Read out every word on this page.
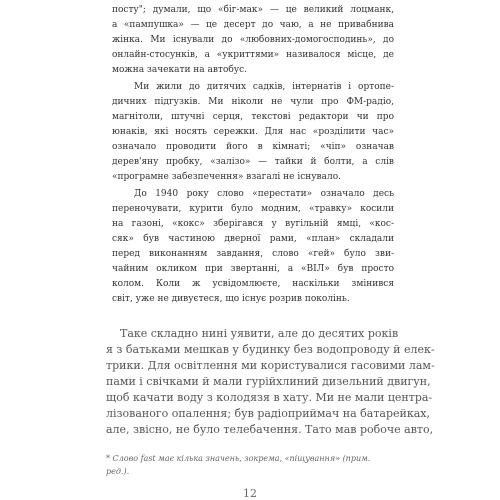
посту"; думали, що «біг-мак» — це великий лоцманк,
а «пампушка» — це десерт до чаю, а не привабнива
жінка. Ми існували до «любовних-домогосподинь», до
онлайн-стосунків, а «укриттями» називалося місце, де
можна зачекати на автобус.
Ми жили до дитячих садків, інтернатів і ортопе-
дичних підгузків. Ми ніколи не чули про ФМ-радіо,
магнітоли, штучні серця, текстові редактори чи про
юнаків, які носять сережки. Для нас «розділити час»
означало проводити його в кімнаті; «чіп» означав
дерев'яну пробку, «залізо» — тайки й болти, а слів
«програмне забезпечення» взагалі не існувало.
До 1940 року слово «перестати» означало десь
переночувати, курити було модним, «травку» косили
на газоні, «кокс» зберігався у вугільній ямці, «кос-
сяк» був частиною дверної рами, «план» складали
перед виконанням завдання, слово «гей» було зви-
чайним окликом при звертанні, а «ВІЛ» був просто
колом. Коли ж усвідомлюєте, наскільки змінився
світ, уже не дивуєтеся, що існує розрив поколінь.
Таке складно нині уявити, але до десятих років
я з батьками мешкав у будинку без водопроводу й елек-
трики. Для освітлення ми користувалися гасовими лам-
пами і свічками й мали гурійхлиний дизельний двигун,
щоб качати воду з колодязя в хату. Ми не мали центра-
лізованого опалення; був радіоприймач на батарейках,
але, звісно, не було телебачення. Тато мав робоче авто,
* Слово fast має кілька значень, зокрема, «піщування» (прим.
ред.).
12
